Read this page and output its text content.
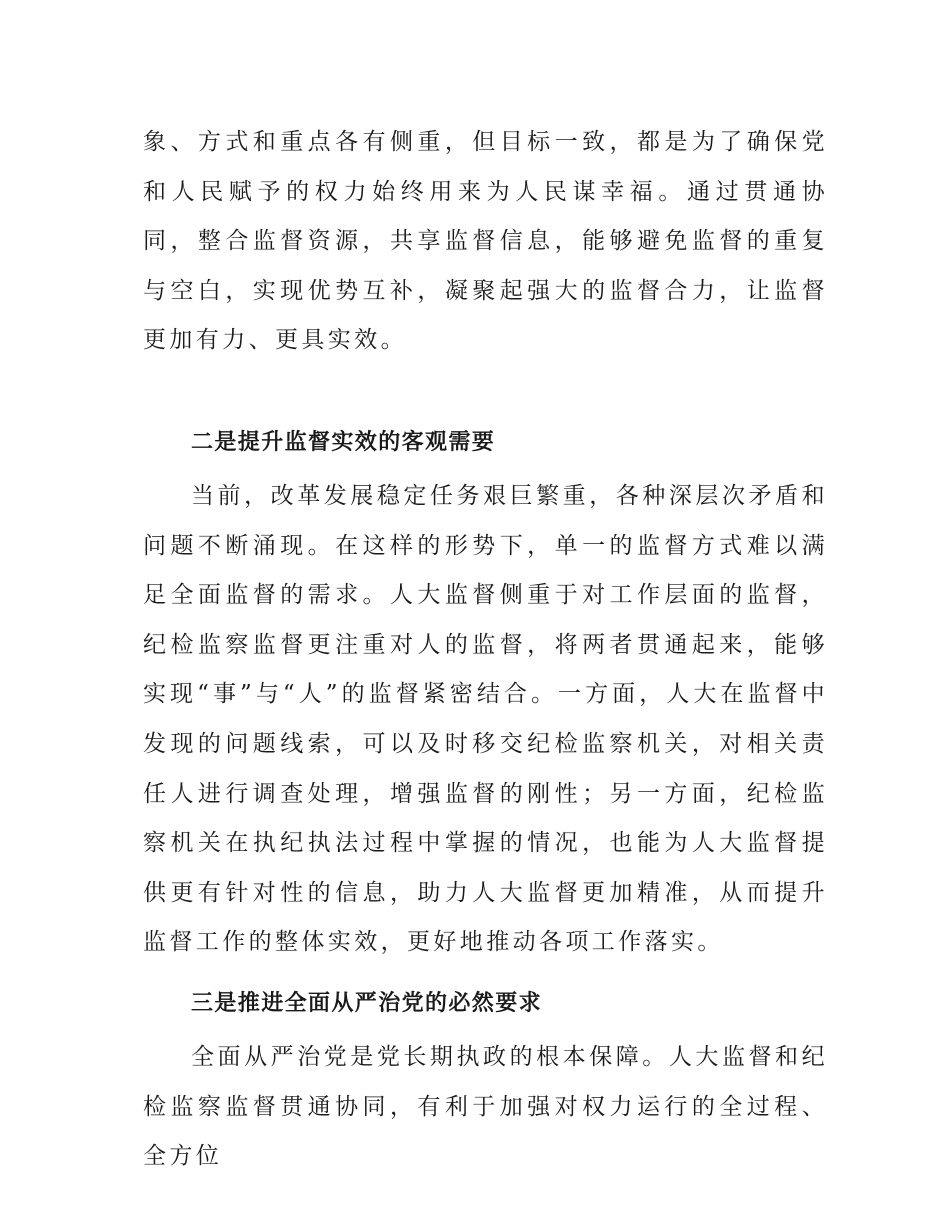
象、方式和重点各有侧重，但目标一致，都是为了确保党和人民赋予的权力始终用来为人民谋幸福。通过贯通协同，整合监督资源，共享监督信息，能够避免监督的重复与空白，实现优势互补，凝聚起强大的监督合力，让监督更加有力、更具实效。

二是提升监督实效的客观需要

当前，改革发展稳定任务艰巨繁重，各种深层次矛盾和问题不断涌现。在这样的形势下，单一的监督方式难以满足全面监督的需求。人大监督侧重于对工作层面的监督，纪检监察监督更注重对人的监督，将两者贯通起来，能够实现“事”与“人”的监督紧密结合。一方面，人大在监督中发现的问题线索，可以及时移交纪检监察机关，对相关责任人进行调查处理，增强监督的刚性；另一方面，纪检监察机关在执纪执法过程中掌握的情况，也能为人大监督提供更有针对性的信息，助力人大监督更加精准，从而提升监督工作的整体实效，更好地推动各项工作落实。

三是推进全面从严治党的必然要求

全面从严治党是党长期执政的根本保障。人大监督和纪检监察监督贯通协同，有利于加强对权力运行的全过程、全方位
